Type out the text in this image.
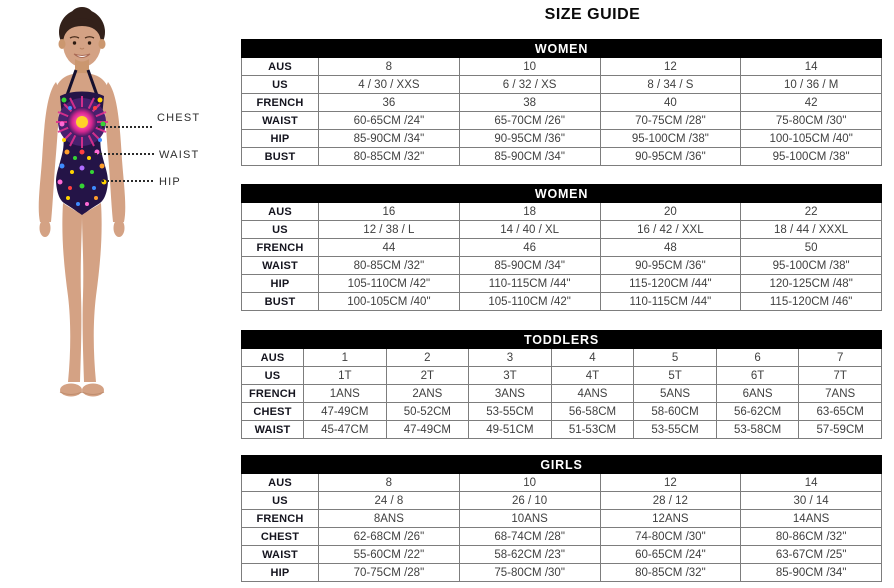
CHEST
WAIST
HIP
SIZE GUIDE
WOMEN				
AUS	8	10	12	14
US	4 / 30 / XXS	6 / 32 / XS	8 / 34 / S	10 / 36 / M
FRENCH	36	38	40	42
WAIST	60-65CM /24"	65-70CM /26"	70-75CM /28"	75-80CM /30"
HIP	85-90CM /34"	90-95CM /36"	95-100CM /38"	100-105CM /40"
BUST	80-85CM /32"	85-90CM /34"	90-95CM /36"	95-100CM /38"
WOMEN				
AUS	16	18	20	22
US	12 / 38 / L	14 / 40 / XL	16 / 42 / XXL	18 / 44 / XXXL
FRENCH	44	46	48	50
WAIST	80-85CM /32"	85-90CM /34"	90-95CM /36"	95-100CM /38"
HIP	105-110CM /42"	110-115CM /44"	115-120CM /44"	120-125CM /48"
BUST	100-105CM /40"	105-110CM /42"	110-115CM /44"	115-120CM /46"
TODDLERS							
AUS	1	2	3	4	5	6	7
US	1T	2T	3T	4T	5T	6T	7T
FRENCH	1ANS	2ANS	3ANS	4ANS	5ANS	6ANS	7ANS
CHEST	47-49CM	50-52CM	53-55CM	56-58CM	58-60CM	56-62CM	63-65CM
WAIST	45-47CM	47-49CM	49-51CM	51-53CM	53-55CM	53-58CM	57-59CM
GIRLS				
AUS	8	10	12	14
US	24 / 8	26 / 10	28 / 12	30 / 14
FRENCH	8ANS	10ANS	12ANS	14ANS
CHEST	62-68CM /26"	68-74CM /28"	74-80CM /30"	80-86CM /32"
WAIST	55-60CM /22"	58-62CM /23"	60-65CM /24"	63-67CM /25"
HIP	70-75CM /28"	75-80CM /30"	80-85CM /32"	85-90CM /34"
